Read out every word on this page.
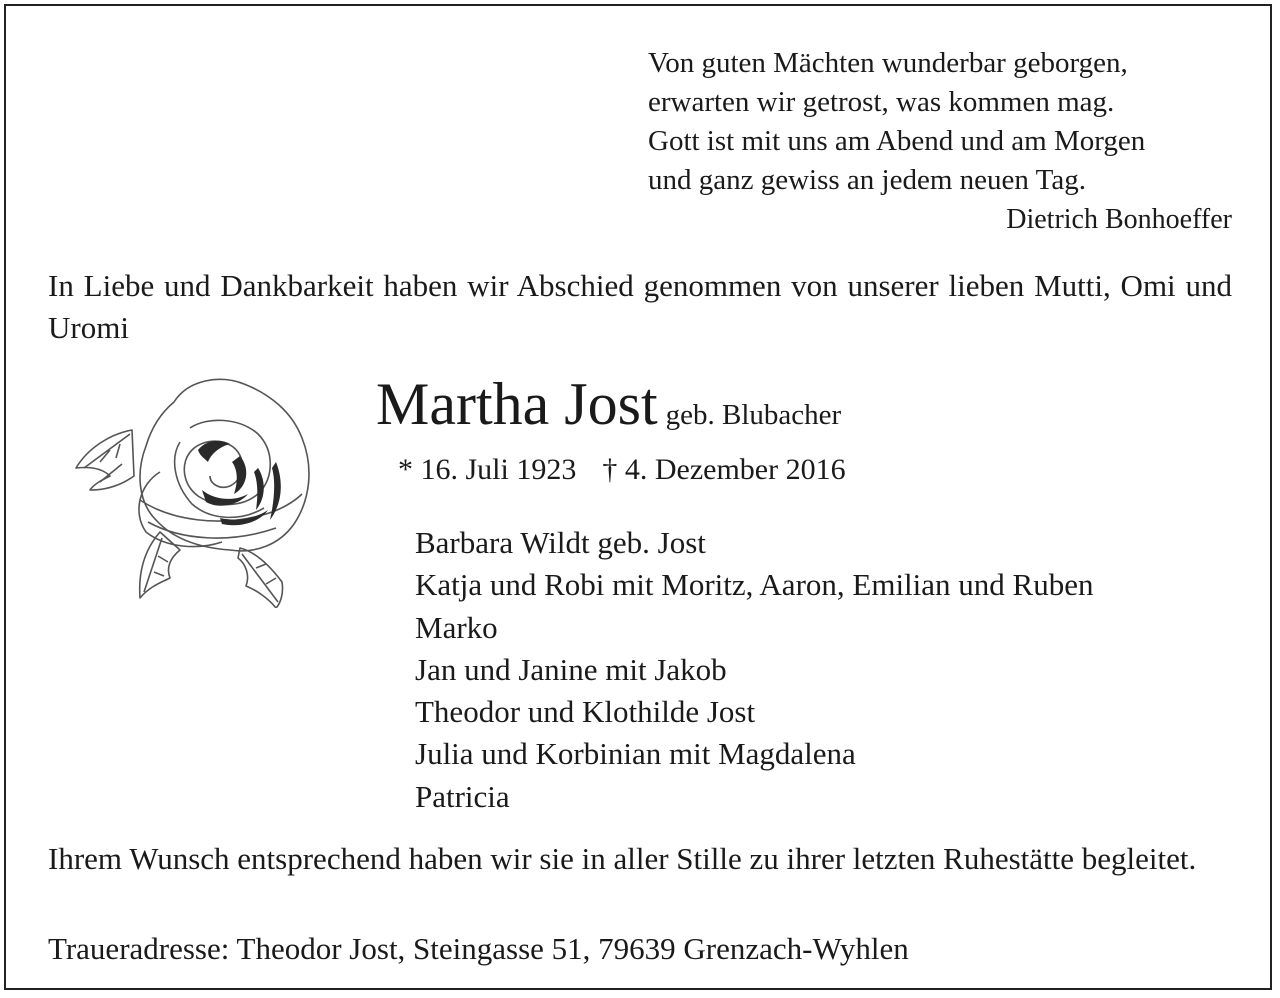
Von guten Mächten wunderbar geborgen,
erwarten wir getrost, was kommen mag.
Gott ist mit uns am Abend und am Morgen
und ganz gewiss an jedem neuen Tag.
Dietrich Bonhoeffer
In Liebe und Dankbarkeit haben wir Abschied genommen von unserer lieben Mutti, Omi und Uromi
Martha Jost geb. Blubacher
* 16. Juli 1923 † 4. Dezember 2016
Barbara Wildt geb. Jost
Katja und Robi mit Moritz, Aaron, Emilian und Ruben
Marko
Jan und Janine mit Jakob
Theodor und Klothilde Jost
Julia und Korbinian mit Magdalena
Patricia
Ihrem Wunsch entsprechend haben wir sie in aller Stille zu ihrer letzten Ruhestätte begleitet.
Traueradresse: Theodor Jost, Steingasse 51, 79639 Grenzach-Wyhlen
